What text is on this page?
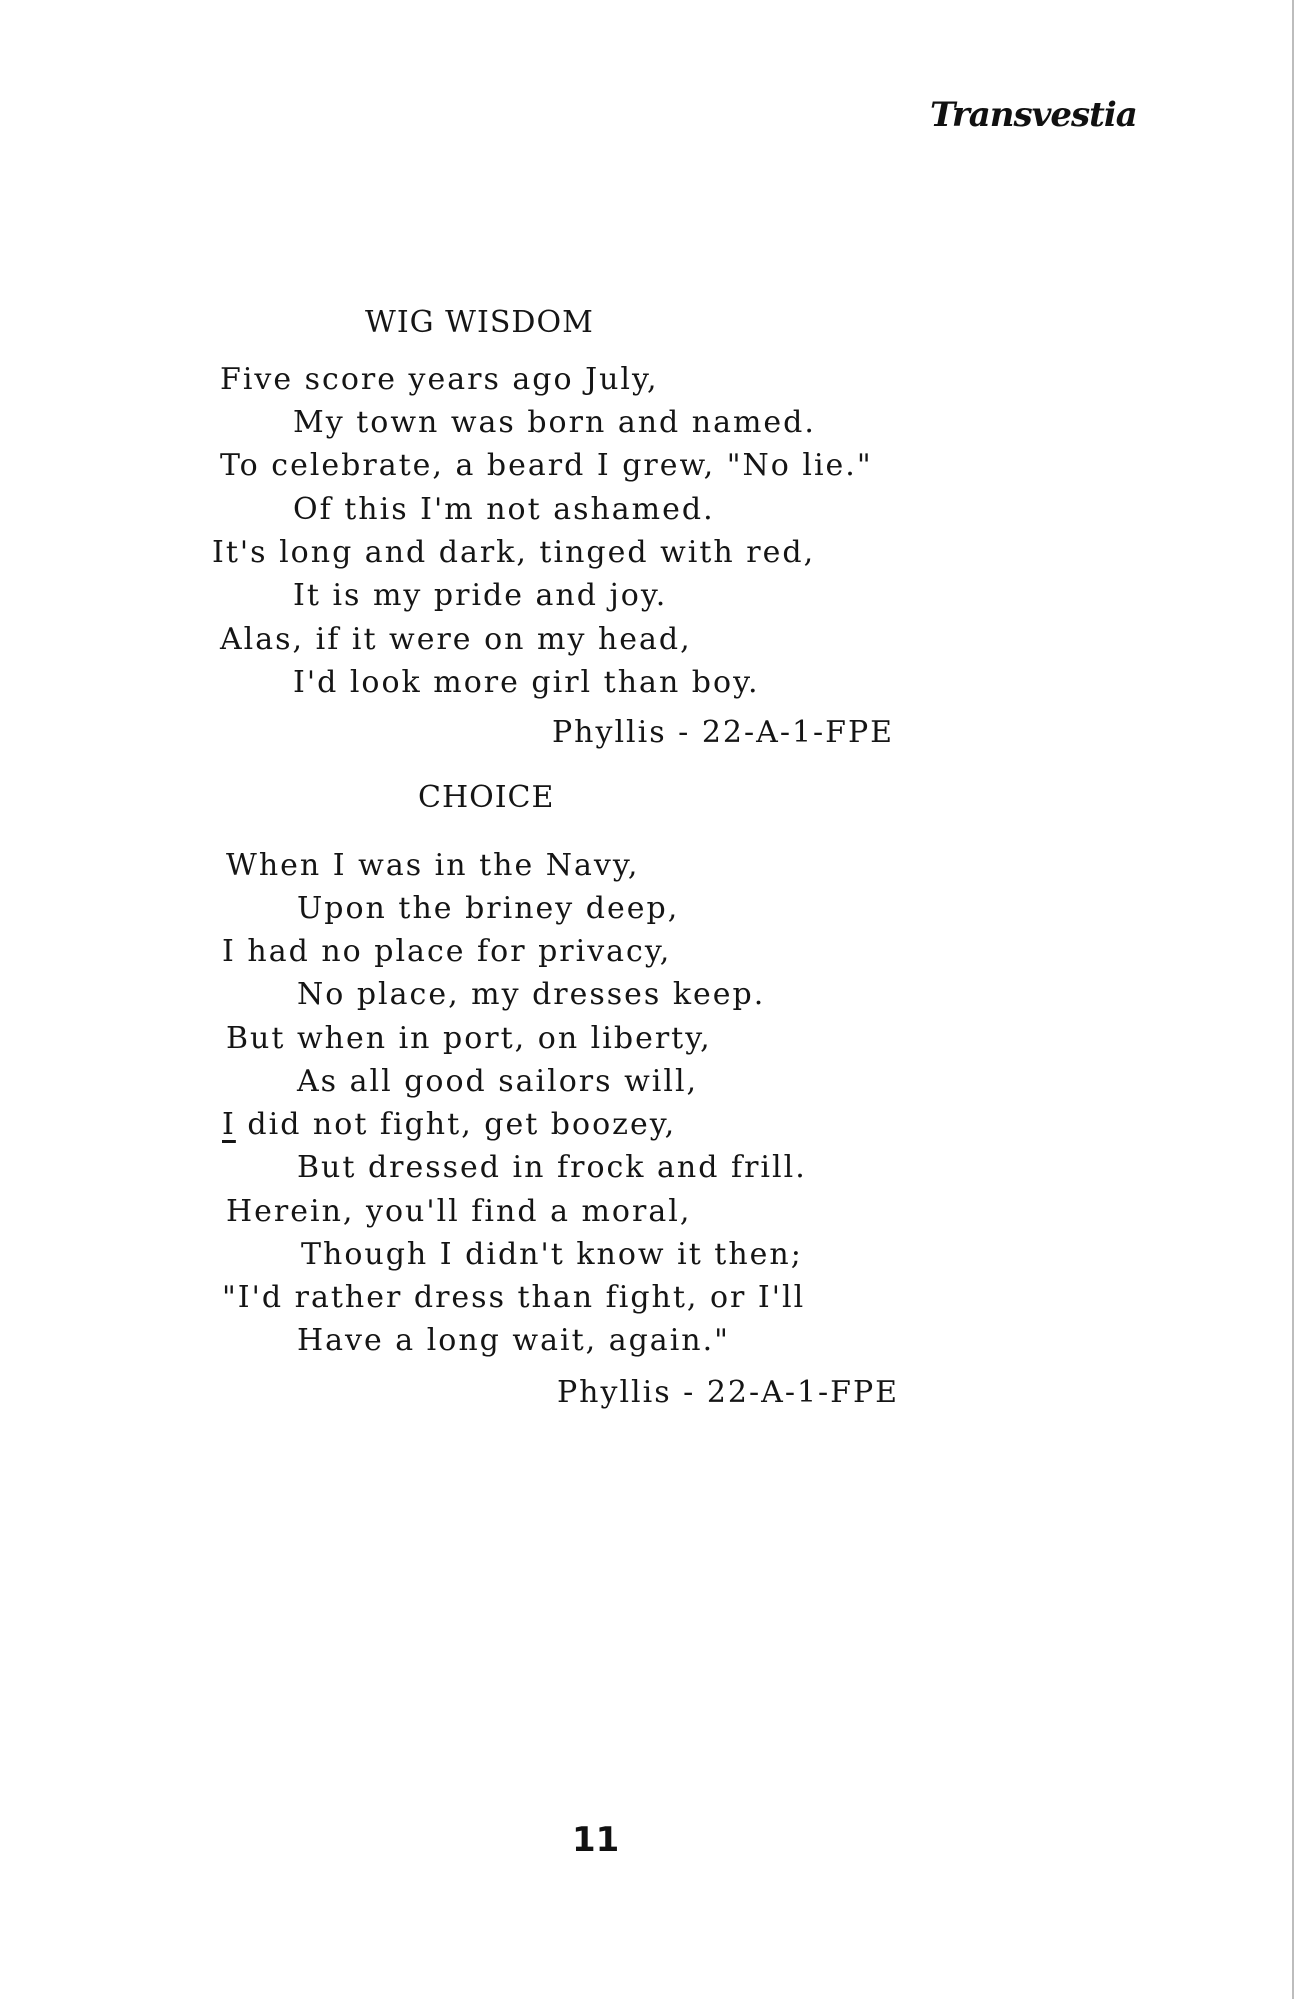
Transvestia
WIG WISDOM
Five score years ago July,
My town was born and named.
To celebrate, a beard I grew, "No lie."
Of this I'm not ashamed.
It's long and dark, tinged with red,
It is my pride and joy.
Alas, if it were on my head,
I'd look more girl than boy.
Phyllis - 22-A-1-FPE
CHOICE
When I was in the Navy,
Upon the briney deep,
I had no place for privacy,
No place, my dresses keep.
But when in port, on liberty,
As all good sailors will,
I did not fight, get boozey,
But dressed in frock and frill.
Herein, you'll find a moral,
Though I didn't know it then;
"I'd rather dress than fight, or I'll
Have a long wait, again."
Phyllis - 22-A-1-FPE
11
